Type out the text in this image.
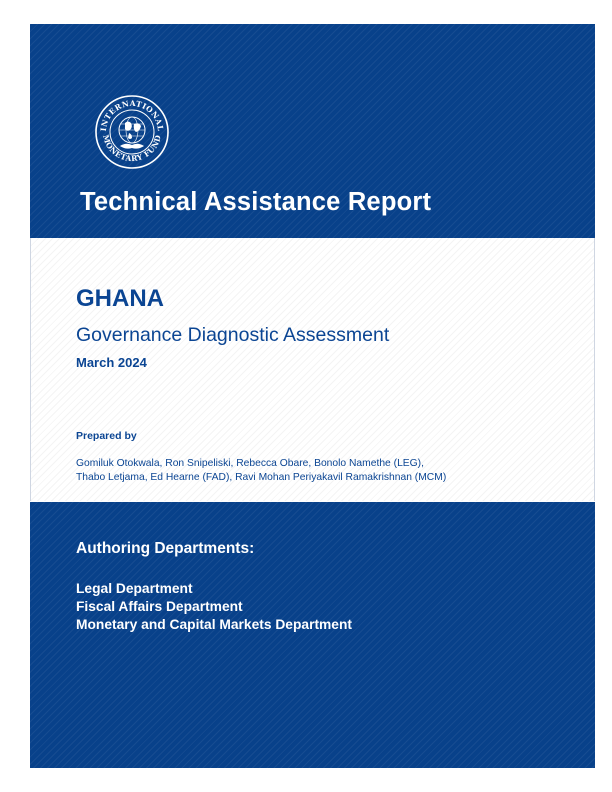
INTERNATIONAL
MONETARY FUND
Technical Assistance Report
GHANA
Governance Diagnostic Assessment
March 2024
Prepared by
Gomiluk Otokwala, Ron Snipeliski, Rebecca Obare, Bonolo Namethe (LEG),
Thabo Letjama, Ed Hearne (FAD), Ravi Mohan Periyakavil Ramakrishnan (MCM)
Authoring Departments:
Legal Department
Fiscal Affairs Department
Monetary and Capital Markets Department
